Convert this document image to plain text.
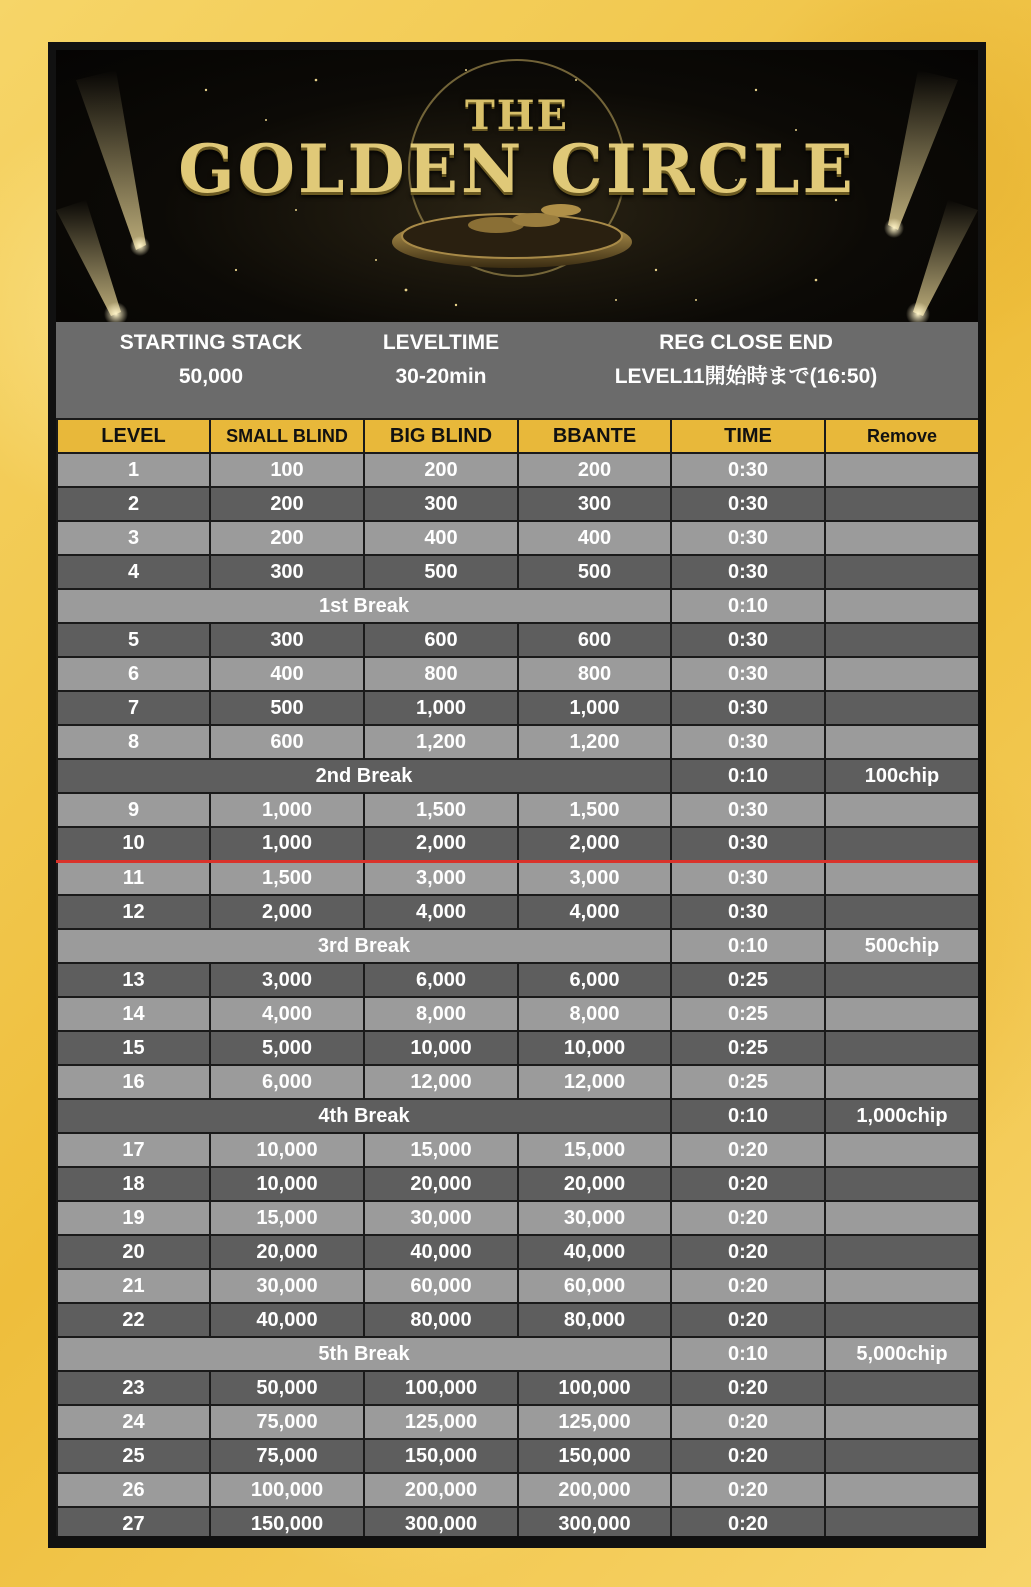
THE
GOLDEN CIRCLE
STARTING STACK
50,000
LEVELTIME
30-20min
REG CLOSE END
LEVEL11開始時まで(16:50)
LEVEL	SMALL BLIND	BIG BLIND	BBANTE	TIME	Remove
1	100	200	200	0:30	
2	200	300	300	0:30	
3	200	400	400	0:30	
4	300	500	500	0:30	
1st Break				0:10	
5	300	600	600	0:30	
6	400	800	800	0:30	
7	500	1,000	1,000	0:30	
8	600	1,200	1,200	0:30	
2nd Break				0:10	100chip
9	1,000	1,500	1,500	0:30	
10	1,000	2,000	2,000	0:30	
11	1,500	3,000	3,000	0:30	
12	2,000	4,000	4,000	0:30	
3rd Break				0:10	500chip
13	3,000	6,000	6,000	0:25	
14	4,000	8,000	8,000	0:25	
15	5,000	10,000	10,000	0:25	
16	6,000	12,000	12,000	0:25	
4th Break				0:10	1,000chip
17	10,000	15,000	15,000	0:20	
18	10,000	20,000	20,000	0:20	
19	15,000	30,000	30,000	0:20	
20	20,000	40,000	40,000	0:20	
21	30,000	60,000	60,000	0:20	
22	40,000	80,000	80,000	0:20	
5th Break				0:10	5,000chip
23	50,000	100,000	100,000	0:20	
24	75,000	125,000	125,000	0:20	
25	75,000	150,000	150,000	0:20	
26	100,000	200,000	200,000	0:20	
27	150,000	300,000	300,000	0:20	
